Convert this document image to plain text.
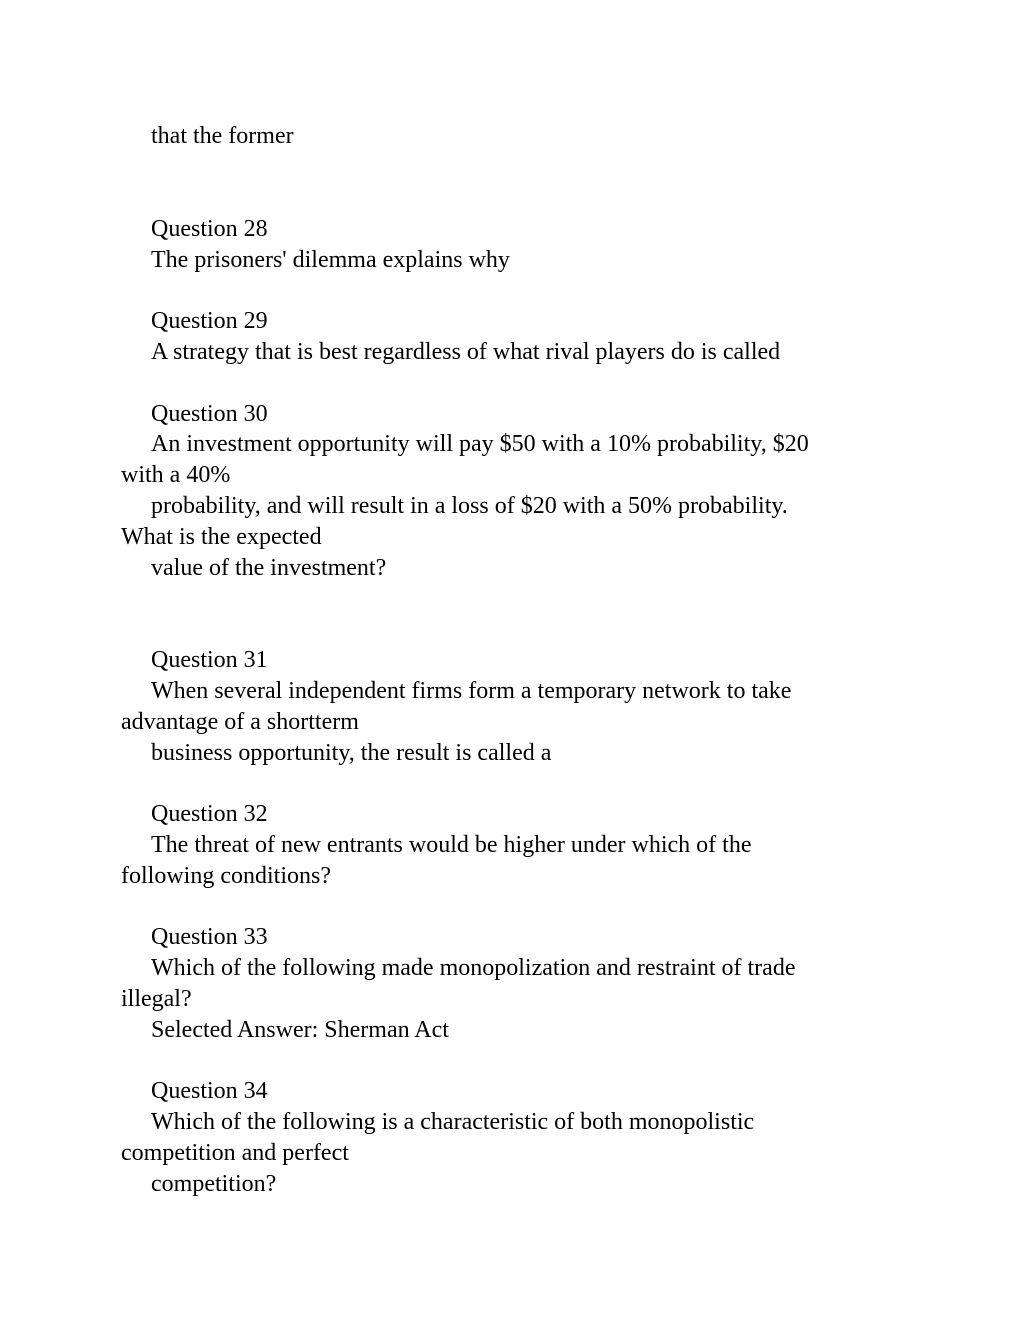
that the former
Question 28
The prisoners' dilemma explains why
Question 29
A strategy that is best regardless of what rival players do is called
Question 30
An investment opportunity will pay $50 with a 10% probability, $20
with a 40%
probability, and will result in a loss of $20 with a 50% probability.
What is the expected
value of the investment?
Question 31
When several independent firms form a temporary network to take
advantage of a shortterm
business opportunity, the result is called a
Question 32
The threat of new entrants would be higher under which of the
following conditions?
Question 33
Which of the following made monopolization and restraint of trade
illegal?
Selected Answer: Sherman Act
Question 34
Which of the following is a characteristic of both monopolistic
competition and perfect
competition?
